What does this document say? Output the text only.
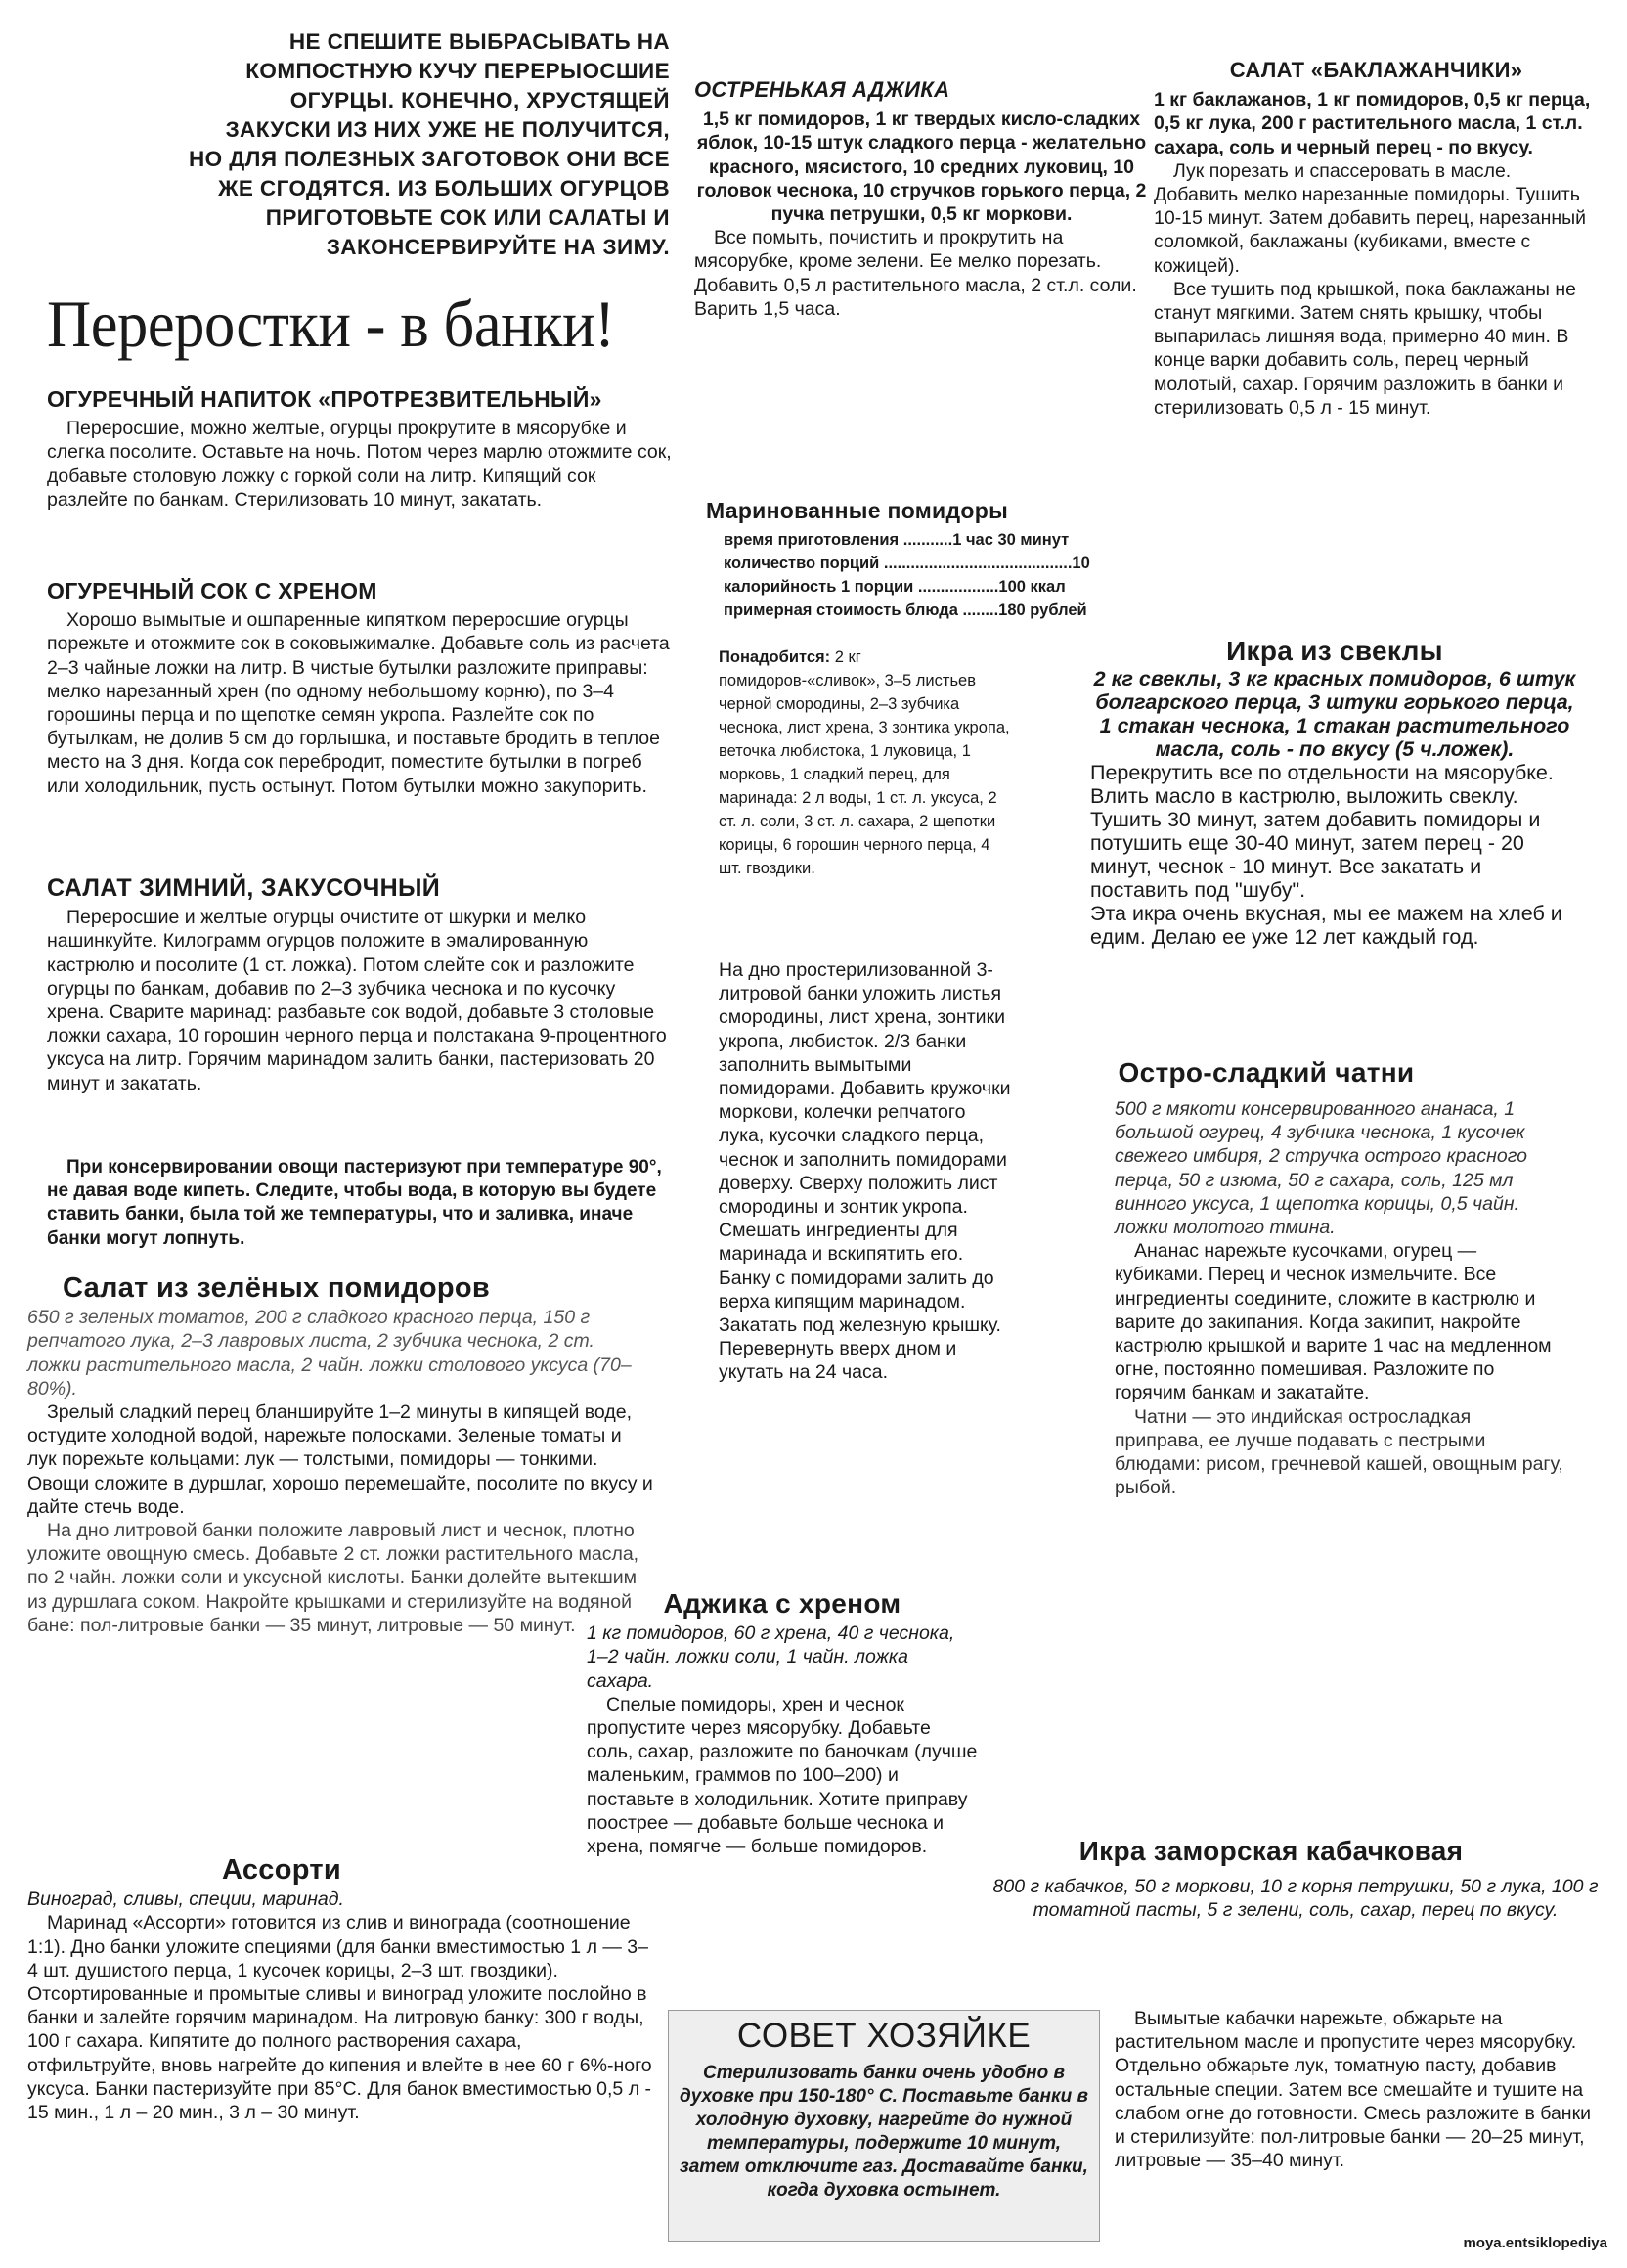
НЕ СПЕШИТЕ ВЫБРАСЫВАТЬ НА КОМПОСТНУЮ КУЧУ ПЕРЕРЫОСШИЕ ОГУРЦЫ. КОНЕЧНО, ХРУСТЯЩЕЙ ЗАКУСКИ ИЗ НИХ УЖЕ НЕ ПОЛУЧИТСЯ, НО ДЛЯ ПОЛЕЗНЫХ ЗАГОТОВОК ОНИ ВСЕ ЖЕ СГОДЯТСЯ. ИЗ БОЛЬШИХ ОГУРЦОВ ПРИГОТОВЬТЕ СОК ИЛИ САЛАТЫ И ЗАКОНСЕРВИРУЙТЕ НА ЗИМУ.
Переростки - в банки!
ОГУРЕЧНЫЙ НАПИТОК «ПРОТРЕЗВИТЕЛЬНЫЙ»

Переросшие, можно желтые, огурцы прокрутите в мясорубке и слегка посолите. Оставьте на ночь. Потом через марлю отожмите сок, добавьте столовую ложку с горкой соли на литр. Кипящий сок разлейте по банкам. Стерилизовать 10 минут, закатать.

ОГУРЕЧНЫЙ СОК С ХРЕНОМ

Хорошо вымытые и ошпаренные кипятком переросшие огурцы порежьте и отожмите сок в соковыжималке. Добавьте соль из расчета 2–3 чайные ложки на литр. В чистые бутылки разложите приправы: мелко нарезанный хрен (по одному небольшому корню), по 3–4 горошины перца и по щепотке семян укропа. Разлейте сок по бутылкам, не долив 5 см до горлышка, и поставьте бродить в теплое место на 3 дня. Когда сок перебродит, поместите бутылки в погреб или холодильник, пусть остынут. Потом бутылки можно закупорить.

САЛАТ ЗИМНИЙ, ЗАКУСОЧНЫЙ

Переросшие и желтые огурцы очистите от шкурки и мелко нашинкуйте. Килограмм огурцов положите в эмалированную кастрюлю и посолите (1 ст. ложка). Потом слейте сок и разложите огурцы по банкам, добавив по 2–3 зубчика чеснока и по кусочку хрена. Сварите маринад: разбавьте сок водой, добавьте 3 столовые ложки сахара, 10 горошин черного перца и полстакана 9-процентного уксуса на литр. Горячим маринадом залить банки, пастеризовать 20 минут и закатать.

При консервировании овощи пастеризуют при температуре 90°, не давая воде кипеть. Следите, чтобы вода, в которую вы будете ставить банки, была той же температуры, что и заливка, иначе банки могут лопнуть.

Салат из зелёных помидоров
650 г зеленых томатов, 200 г сладкого красного перца, 150 г репчатого лука, 2–3 лавровых листа, 2 зубчика чеснока, 2 ст. ложки растительного масла, 2 чайн. ложки столового уксуса (70–80%).

Зрелый сладкий перец бланшируйте 1–2 минуты в кипящей воде, остудите холодной водой, нарежьте полосками. Зеленые томаты и лук порежьте кольцами: лук — толстыми, помидоры — тонкими. Овощи сложите в дуршлаг, хорошо перемешайте, посолите по вкусу и дайте стечь воде.

На дно литровой банки положите лавровый лист и чеснок, плотно уложите овощную смесь. Добавьте 2 ст. ложки растительного масла, по 2 чайн. ложки соли и уксусной кислоты. Банки долейте вытекшим из дуршлага соком. Накройте крышками и стерилизуйте на водяной бане: пол-литровые банки — 35 минут, литровые — 50 минут.

Ассорти
Виноград, сливы, специи, маринад.

Маринад «Ассорти» готовится из слив и винограда (соотношение 1:1). Дно банки уложите специями (для банки вместимостью 1 л — 3–4 шт. душистого перца, 1 кусочек корицы, 2–3 шт. гвоздики). Отсортированные и промытые сливы и виноград уложите послойно в банки и залейте горячим маринадом. На литровую банку: 300 г воды, 100 г сахара. Кипятите до полного растворения сахара, отфильтруйте, вновь нагрейте до кипения и влейте в нее 60 г 6%-ного уксуса. Банки пастеризуйте при 85°С. Для банок вместимостью 0,5 л - 15 мин., 1 л – 20 мин., 3 л – 30 минут.

ОСТРЕНЬКАЯ АДЖИКА
1,5 кг помидоров, 1 кг твердых кисло-сладких яблок, 10-15 штук сладкого перца - желательно красного, мясистого, 10 средних луковиц, 10 головок чеснока, 10 стручков горького перца, 2 пучка петрушки, 0,5 кг моркови.

Все помыть, почистить и прокрутить на мясорубке, кроме зелени. Ее мелко порезать. Добавить 0,5 л растительного масла, 2 ст.л. соли. Варить 1,5 часа.

Маринованные помидоры
время приготовления ...........1 час 30 минут
количество порций ..........................................10
калорийность 1 порции ..................100 ккал
примерная стоимость блюда ........180 рублей
Понадобится: 2 кг помидоров-«сливок», 3–5 листьев черной смородины, 2–3 зубчика чеснока, лист хрена, 3 зонтика укропа, веточка любистока, 1 луковица, 1 морковь, 1 сладкий перец, для маринада: 2 л воды, 1 ст. л. уксуса, 2 ст. л. соли, 3 ст. л. сахара, 2 щепотки корицы, 6 горошин черного перца, 4 шт. гвоздики.
На дно простерилизованной 3-литровой банки уложить листья смородины, лист хрена, зонтики укропа, любисток. 2/3 банки заполнить вымытыми помидорами. Добавить кружочки моркови, колечки репчатого лука, кусочки сладкого перца, чеснок и заполнить помидорами доверху. Сверху положить лист смородины и зонтик укропа. Смешать ингредиенты для маринада и вскипятить его. Банку с помидорами залить до верха кипящим маринадом. Закатать под железную крышку. Перевернуть вверх дном и укутать на 24 часа.
Аджика с хреном
1 кг помидоров, 60 г хрена, 40 г чеснока, 1–2 чайн. ложки соли, 1 чайн. ложка сахара.

Спелые помидоры, хрен и чеснок пропустите через мясорубку. Добавьте соль, сахар, разложите по баночкам (лучше маленьким, граммов по 100–200) и поставьте в холодильник. Хотите приправу поострее — добавьте больше чеснока и хрена, помягче — больше помидоров.

СОВЕТ ХОЗЯЙКЕ
Стерилизовать банки очень удобно в духовке при 150-180° С. Поставьте банки в холодную духовку, нагрейте до нужной температуры, подержите 10 минут, затем отключите газ. Доставайте банки, когда духовка остынет.
САЛАТ «БАКЛАЖАНЧИКИ»
1 кг баклажанов, 1 кг помидоров, 0,5 кг перца, 0,5 кг лука, 200 г растительного масла, 1 ст.л. сахара, соль и черный перец - по вкусу.

Лук порезать и спассеровать в масле. Добавить мелко нарезанные помидоры. Тушить 10-15 минут. Затем добавить перец, нарезанный соломкой, баклажаны (кубиками, вместе с кожицей).

Все тушить под крышкой, пока баклажаны не станут мягкими. Затем снять крышку, чтобы выпарилась лишняя вода, примерно 40 мин. В конце варки добавить соль, перец черный молотый, сахар. Горячим разложить в банки и стерилизовать 0,5 л - 15 минут.

Икра из свеклы
2 кг свеклы, 3 кг красных помидоров, 6 штук болгарского перца, 3 штуки горького перца, 1 стакан чеснока, 1 стакан растительного масла, соль - по вкусу (5 ч.ложек).
Перекрутить все по отдельности на мясорубке. Влить масло в кастрюлю, выложить свеклу. Тушить 30 минут, затем добавить помидоры и потушить еще 30-40 минут, затем перец - 20 минут, чеснок - 10 минут. Все закатать и поставить под "шубу".
Эта икра очень вкусная, мы ее мажем на хлеб и едим. Делаю ее уже 12 лет каждый год.
Остро-сладкий чатни
500 г мякоти консервированного ананаса, 1 большой огурец, 4 зубчика чеснока, 1 кусочек свежего имбиря, 2 стручка острого красного перца, 50 г изюма, 50 г сахара, соль, 125 мл винного уксуса, 1 щепотка корицы, 0,5 чайн. ложки молотого тмина.

Ананас нарежьте кусочками, огурец — кубиками. Перец и чеснок измельчите. Все ингредиенты соедините, сложите в кастрюлю и варите до закипания. Когда закипит, накройте кастрюлю крышкой и варите 1 час на медленном огне, постоянно помешивая. Разложите по горячим банкам и закатайте.

Чатни — это индийская остросладкая приправа, ее лучше подавать с пестрыми блюдами: рисом, гречневой кашей, овощным рагу, рыбой.

Икра заморская кабачковая
800 г кабачков, 50 г моркови, 10 г корня петрушки, 50 г лука, 100 г томатной пасты, 5 г зелени, соль, сахар, перец по вкусу.

Вымытые кабачки нарежьте, обжарьте на растительном масле и пропустите через мясорубку. Отдельно обжарьте лук, томатную пасту, добавив остальные специи. Затем все смешайте и тушите на слабом огне до готовности. Смесь разложите в банки и стерилизуйте: пол-литровые банки — 20–25 минут, литровые — 35–40 минут.

moya.entsiklopediya
